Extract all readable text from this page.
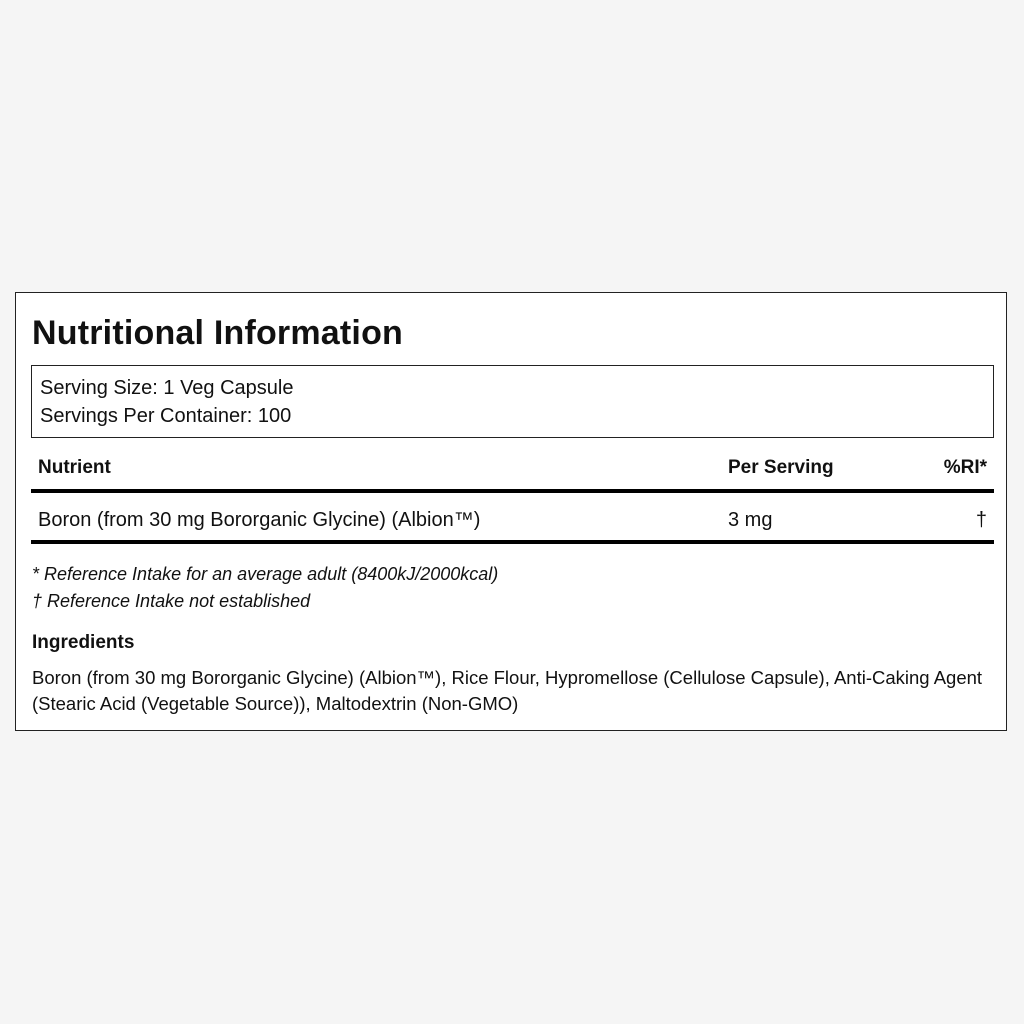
Nutritional Information
Serving Size: 1 Veg Capsule
Servings Per Container: 100
Nutrient	Per Serving	%RI*
Boron (from 30 mg Bororganic Glycine) (Albion™)	3 mg	†
* Reference Intake for an average adult (8400kJ/2000kcal)
† Reference Intake not established
Ingredients
Boron (from 30 mg Bororganic Glycine) (Albion™), Rice Flour, Hypromellose (Cellulose Capsule), Anti-Caking Agent (Stearic Acid (Vegetable Source)), Maltodextrin (Non-GMO)
